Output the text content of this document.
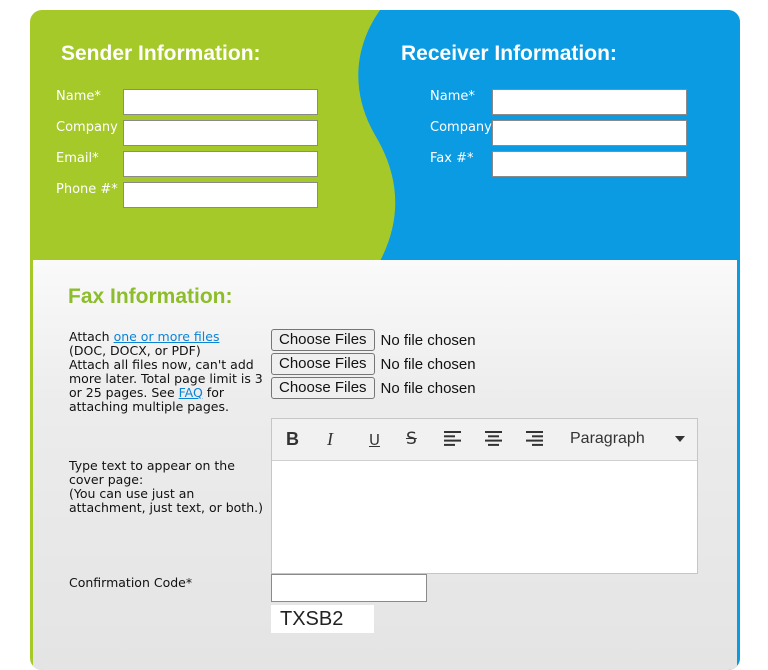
Sender Information:
Name*
Company
Email*
Phone #*
Receiver Information:
Name*
Company
Fax #*
Fax Information:
Attach one or more files
(DOC, DOCX, or PDF)
Attach all files now, can't add
more later. Total page limit is 3
or 25 pages. See FAQ for
attaching multiple pages.
Choose Files No file chosen
Choose Files No file chosen
Choose Files No file chosen
Type text to appear on the
cover page:
(You can use just an
attachment, just text, or both.)
B I U S	Paragraph
Confirmation Code*
TXSB2
